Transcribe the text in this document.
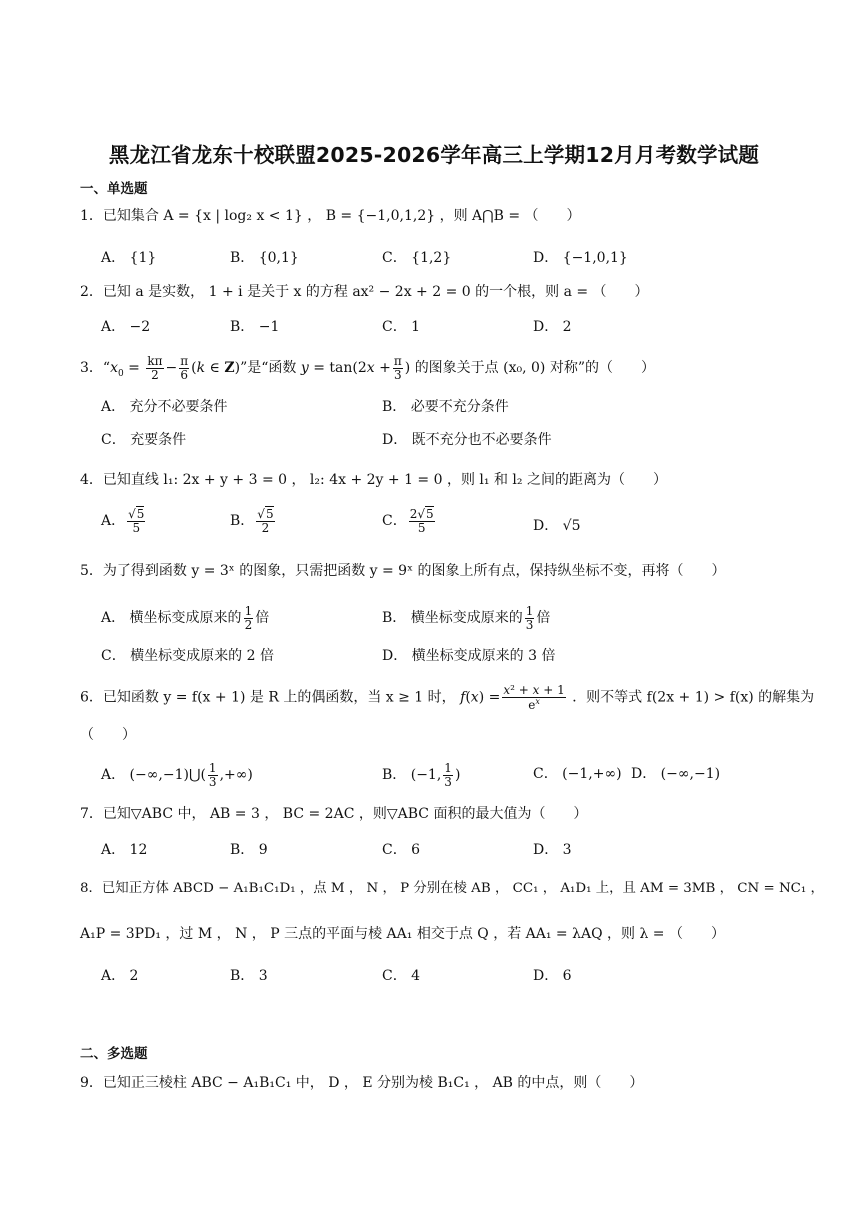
黑龙江省龙东十校联盟2025-2026学年高三上学期12月月考数学试题
一、单选题
1．已知集合 A = {x | log₂ x < 1} ， B = {−1,0,1,2} ，则 A⋂B = （　　）
A． {1}	B． {0,1}	C． {1,2}	D． {−1,0,1}
2．已知 a 是实数， 1 + i 是关于 x 的方程 ax² − 2x + 2 = 0 的一个根，则 a = （　　）
A． −2	B． −1	C． 1	D． 2
3．“$x_0 = \frac{k\pi}{2} - \frac{\pi}{6} (k$ ∈ Z)”是“函数 $y = \tan(2x + \frac{\pi}{3}$ ) 的图象关于点 (x₀, 0) 对称”的（　　）
A． 充分不必要条件	B． 必要不充分条件
C． 充要条件	D． 既不充分也不必要条件
4．已知直线 l₁: 2x + y + 3 = 0 ， l₂: 4x + 2y + 1 = 0 ，则 l₁ 和 l₂ 之间的距离为（　　）
A． $\frac{√5}{5}$	B． $\frac{√5}{2}$	C． $\frac{2√5}{5}$	D． √5
5．为了得到函数 y = 3ˣ 的图象，只需把函数 y = 9ˣ 的图象上所有点，保持纵坐标不变，再将（　　）
A． 横坐标变成原来的 $\frac{1}{2}$ 倍	B． 横坐标变成原来的 $\frac{1}{3}$ 倍
C． 横坐标变成原来的 2 倍	D． 横坐标变成原来的 3 倍
6．已知函数 y = f(x + 1) 是 R 上的偶函数，当 x ≥ 1 时， $f(x) = \frac{\text{x² + x + 1}}{e^x}$ ．则不等式 f(2x + 1) > f(x) 的解集为
（　　）
A． (−∞,−1)⋃( $\frac{1}{3}$ ,+∞)	B． (−1, $\frac{1}{3}$ )	C． (−1,+∞) D． (−∞,−1)
7．已知▽ABC 中， AB = 3 ， BC = 2AC ，则▽ABC 面积的最大值为（　　）
A． 12	B． 9	C． 6	D． 3
8．已知正方体 ABCD − A₁B₁C₁D₁ ，点 M ， N ， P 分别在棱 AB ， CC₁ ， A₁D₁ 上，且 AM = 3MB ， CN = NC₁ ，
A₁P = 3PD₁ ，过 M ， N ， P 三点的平面与棱 AA₁ 相交于点 Q ，若 AA₁ = λAQ ，则 λ = （　　）
A． 2	B． 3	C． 4	D． 6
二、多选题
9．已知正三棱柱 ABC − A₁B₁C₁ 中， D ， E 分别为棱 B₁C₁ ， AB 的中点，则（　　）
